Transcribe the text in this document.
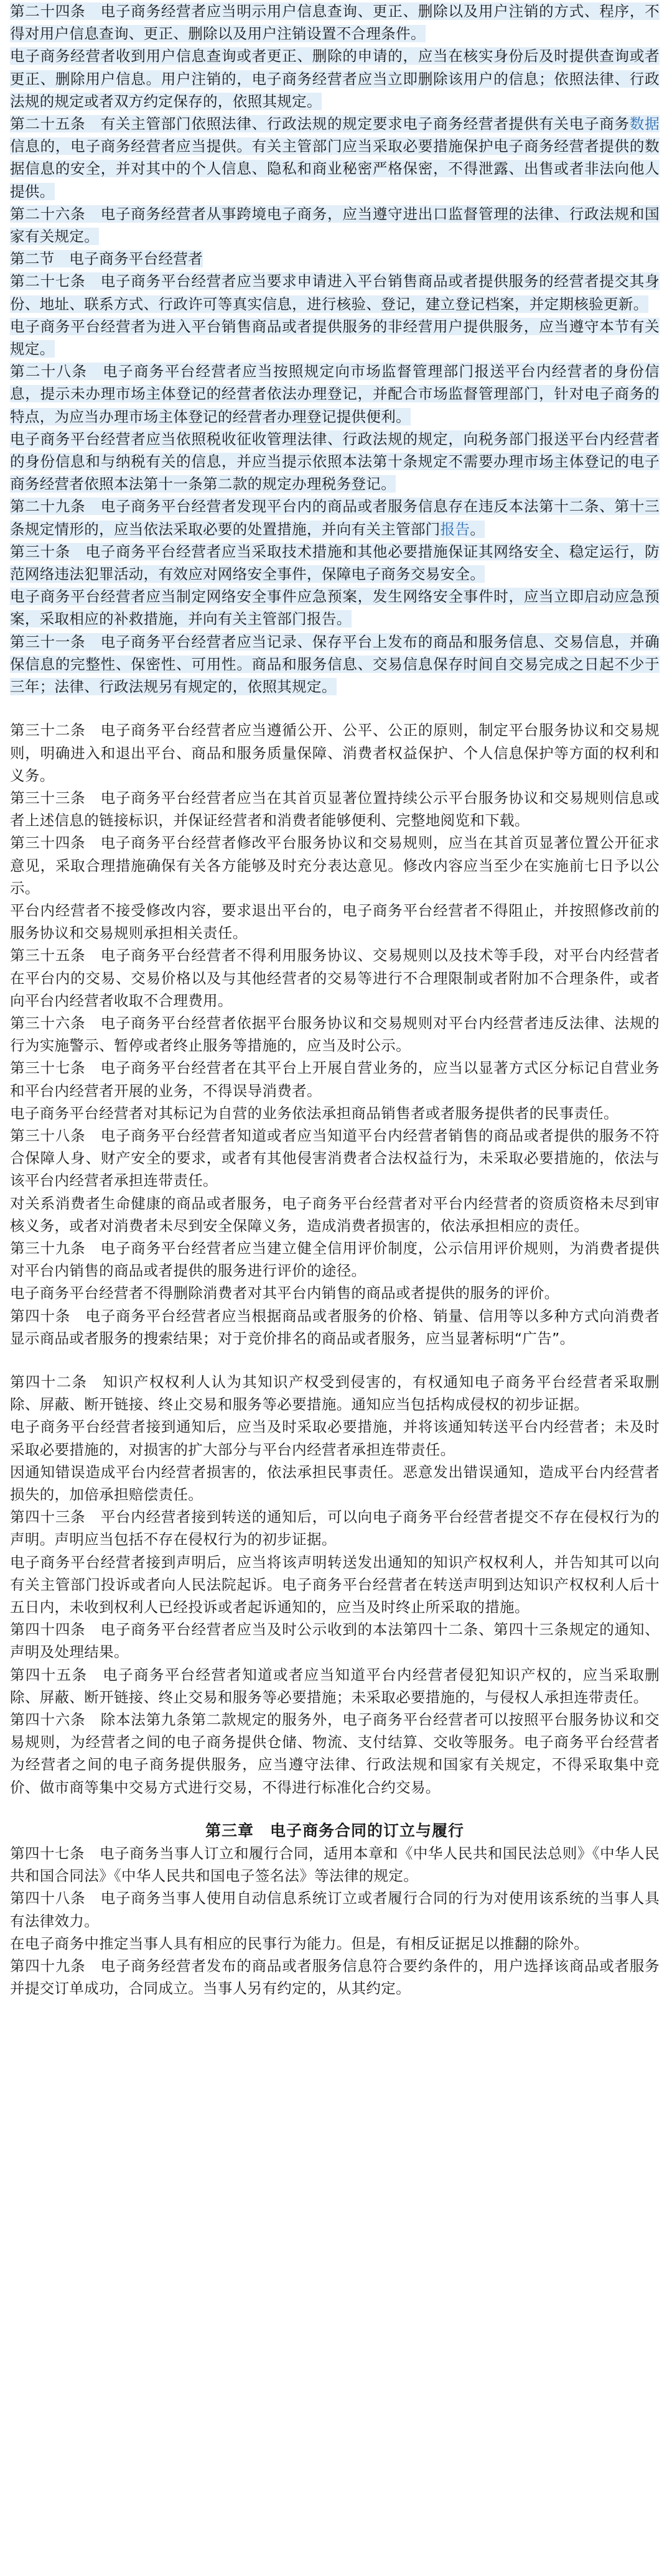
第二十四条　电子商务经营者应当明示用户信息查询、更正、删除以及用户注销的方式、程序，不得对用户信息查询、更正、删除以及用户注销设置不合理条件。

电子商务经营者收到用户信息查询或者更正、删除的申请的，应当在核实身份后及时提供查询或者更正、删除用户信息。用户注销的，电子商务经营者应当立即删除该用户的信息；依照法律、行政法规的规定或者双方约定保存的，依照其规定。

第二十五条　有关主管部门依照法律、行政法规的规定要求电子商务经营者提供有关电子商务数据信息的，电子商务经营者应当提供。有关主管部门应当采取必要措施保护电子商务经营者提供的数据信息的安全，并对其中的个人信息、隐私和商业秘密严格保密，不得泄露、出售或者非法向他人提供。

第二十六条　电子商务经营者从事跨境电子商务，应当遵守进出口监督管理的法律、行政法规和国家有关规定。

第二节　电子商务平台经营者

第二十七条　电子商务平台经营者应当要求申请进入平台销售商品或者提供服务的经营者提交其身份、地址、联系方式、行政许可等真实信息，进行核验、登记，建立登记档案，并定期核验更新。

电子商务平台经营者为进入平台销售商品或者提供服务的非经营用户提供服务，应当遵守本节有关规定。

第二十八条　电子商务平台经营者应当按照规定向市场监督管理部门报送平台内经营者的身份信息，提示未办理市场主体登记的经营者依法办理登记，并配合市场监督管理部门，针对电子商务的特点，为应当办理市场主体登记的经营者办理登记提供便利。

电子商务平台经营者应当依照税收征收管理法律、行政法规的规定，向税务部门报送平台内经营者的身份信息和与纳税有关的信息，并应当提示依照本法第十条规定不需要办理市场主体登记的电子商务经营者依照本法第十一条第二款的规定办理税务登记。

第二十九条　电子商务平台经营者发现平台内的商品或者服务信息存在违反本法第十二条、第十三条规定情形的，应当依法采取必要的处置措施，并向有关主管部门报告。

第三十条　电子商务平台经营者应当采取技术措施和其他必要措施保证其网络安全、稳定运行，防范网络违法犯罪活动，有效应对网络安全事件，保障电子商务交易安全。

电子商务平台经营者应当制定网络安全事件应急预案，发生网络安全事件时，应当立即启动应急预案，采取相应的补救措施，并向有关主管部门报告。

第三十一条　电子商务平台经营者应当记录、保存平台上发布的商品和服务信息、交易信息，并确保信息的完整性、保密性、可用性。商品和服务信息、交易信息保存时间自交易完成之日起不少于三年；法律、行政法规另有规定的，依照其规定。

第三十二条　电子商务平台经营者应当遵循公开、公平、公正的原则，制定平台服务协议和交易规则，明确进入和退出平台、商品和服务质量保障、消费者权益保护、个人信息保护等方面的权利和义务。

第三十三条　电子商务平台经营者应当在其首页显著位置持续公示平台服务协议和交易规则信息或者上述信息的链接标识，并保证经营者和消费者能够便利、完整地阅览和下载。

第三十四条　电子商务平台经营者修改平台服务协议和交易规则，应当在其首页显著位置公开征求意见，采取合理措施确保有关各方能够及时充分表达意见。修改内容应当至少在实施前七日予以公示。

平台内经营者不接受修改内容，要求退出平台的，电子商务平台经营者不得阻止，并按照修改前的服务协议和交易规则承担相关责任。

第三十五条　电子商务平台经营者不得利用服务协议、交易规则以及技术等手段，对平台内经营者在平台内的交易、交易价格以及与其他经营者的交易等进行不合理限制或者附加不合理条件，或者向平台内经营者收取不合理费用。

第三十六条　电子商务平台经营者依据平台服务协议和交易规则对平台内经营者违反法律、法规的行为实施警示、暂停或者终止服务等措施的，应当及时公示。

第三十七条　电子商务平台经营者在其平台上开展自营业务的，应当以显著方式区分标记自营业务和平台内经营者开展的业务，不得误导消费者。

电子商务平台经营者对其标记为自营的业务依法承担商品销售者或者服务提供者的民事责任。

第三十八条　电子商务平台经营者知道或者应当知道平台内经营者销售的商品或者提供的服务不符合保障人身、财产安全的要求，或者有其他侵害消费者合法权益行为，未采取必要措施的，依法与该平台内经营者承担连带责任。

对关系消费者生命健康的商品或者服务，电子商务平台经营者对平台内经营者的资质资格未尽到审核义务，或者对消费者未尽到安全保障义务，造成消费者损害的，依法承担相应的责任。

第三十九条　电子商务平台经营者应当建立健全信用评价制度，公示信用评价规则，为消费者提供对平台内销售的商品或者提供的服务进行评价的途径。

电子商务平台经营者不得删除消费者对其平台内销售的商品或者提供的服务的评价。

第四十条　电子商务平台经营者应当根据商品或者服务的价格、销量、信用等以多种方式向消费者显示商品或者服务的搜索结果；对于竞价排名的商品或者服务，应当显著标明“广告”。

第四十二条　知识产权权利人认为其知识产权受到侵害的，有权通知电子商务平台经营者采取删除、屏蔽、断开链接、终止交易和服务等必要措施。通知应当包括构成侵权的初步证据。

电子商务平台经营者接到通知后，应当及时采取必要措施，并将该通知转送平台内经营者；未及时采取必要措施的，对损害的扩大部分与平台内经营者承担连带责任。

因通知错误造成平台内经营者损害的，依法承担民事责任。恶意发出错误通知，造成平台内经营者损失的，加倍承担赔偿责任。

第四十三条　平台内经营者接到转送的通知后，可以向电子商务平台经营者提交不存在侵权行为的声明。声明应当包括不存在侵权行为的初步证据。

电子商务平台经营者接到声明后，应当将该声明转送发出通知的知识产权权利人，并告知其可以向有关主管部门投诉或者向人民法院起诉。电子商务平台经营者在转送声明到达知识产权权利人后十五日内，未收到权利人已经投诉或者起诉通知的，应当及时终止所采取的措施。

第四十四条　电子商务平台经营者应当及时公示收到的本法第四十二条、第四十三条规定的通知、声明及处理结果。

第四十五条　电子商务平台经营者知道或者应当知道平台内经营者侵犯知识产权的，应当采取删除、屏蔽、断开链接、终止交易和服务等必要措施；未采取必要措施的，与侵权人承担连带责任。

第四十六条　除本法第九条第二款规定的服务外，电子商务平台经营者可以按照平台服务协议和交易规则，为经营者之间的电子商务提供仓储、物流、支付结算、交收等服务。电子商务平台经营者为经营者之间的电子商务提供服务，应当遵守法律、行政法规和国家有关规定，不得采取集中竞价、做市商等集中交易方式进行交易，不得进行标准化合约交易。

第三章　电子商务合同的订立与履行

第四十七条　电子商务当事人订立和履行合同，适用本章和《中华人民共和国民法总则》《中华人民共和国合同法》《中华人民共和国电子签名法》等法律的规定。

第四十八条　电子商务当事人使用自动信息系统订立或者履行合同的行为对使用该系统的当事人具有法律效力。

在电子商务中推定当事人具有相应的民事行为能力。但是，有相反证据足以推翻的除外。

第四十九条　电子商务经营者发布的商品或者服务信息符合要约条件的，用户选择该商品或者服务并提交订单成功，合同成立。当事人另有约定的，从其约定。
